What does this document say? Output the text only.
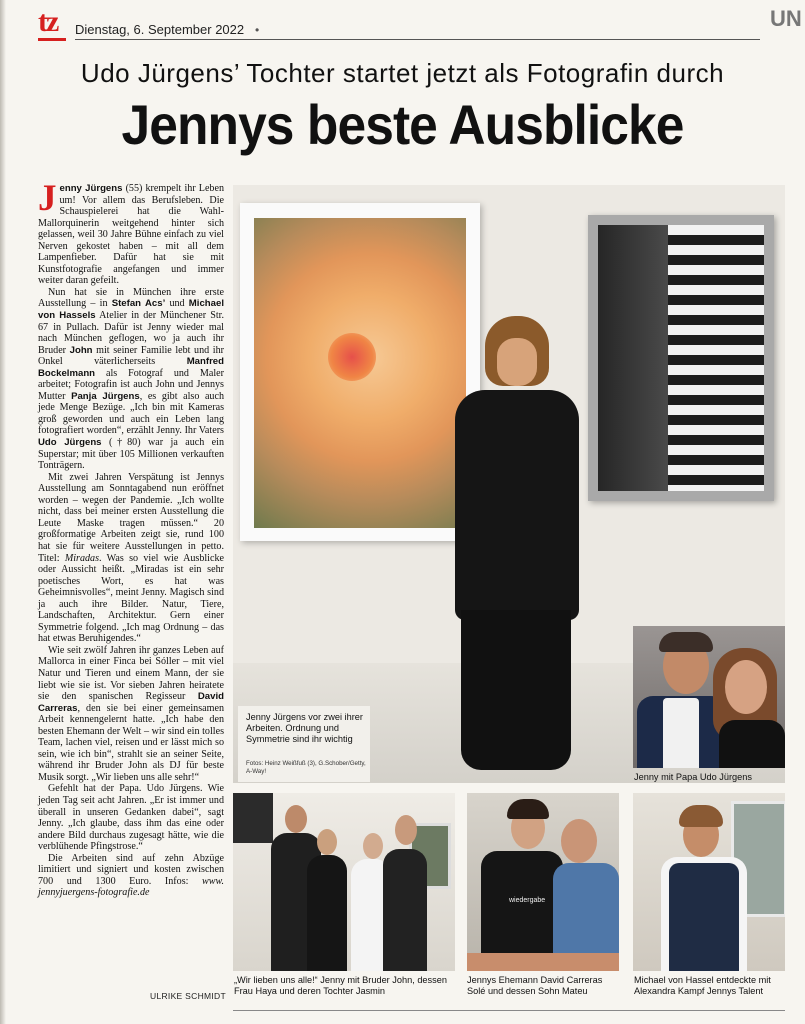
tz	Dienstag, 6. September 2022 •	UN
Udo Jürgens’ Tochter startet jetzt als Fotografin durch
Jennys beste Ausblicke

Jenny Jürgens (55) krempelt ihr Leben um! Vor allem das Berufsleben. Die Schauspielerei hat die Wahl-Mallorquinerin weitgehend hinter sich gelassen, weil 30 Jahre Bühne einfach zu viel Nerven gekostet haben – mit all dem Lampenfieber. Dafür hat sie mit Kunstfotografie angefangen und immer weiter daran gefeilt.

Nun hat sie in München ihre erste Ausstellung – in Stefan Acs’ und Michael von Hassels Atelier in der Münchener Str. 67 in Pullach. Dafür ist Jenny wieder mal nach München geflogen, wo ja auch ihr Bruder John mit seiner Familie lebt und ihr Onkel väterlicherseits Manfred Bockelmann als Fotograf und Maler arbeitet; Fotografin ist auch John und Jennys Mutter Panja Jürgens, es gibt also auch jede Menge Bezüge. „Ich bin mit Kameras groß geworden und auch ein Leben lang fotografiert worden“, erzählt Jenny. Ihr Vaters Udo Jürgens (†80) war ja auch ein Superstar; mit über 105 Millionen verkauften Tonträgern.

Mit zwei Jahren Verspätung ist Jennys Ausstellung am Sonntagabend nun eröffnet worden – wegen der Pandemie. „Ich wollte nicht, dass bei meiner ersten Ausstellung die Leute Maske tragen müssen.“ 20 großformatige Arbeiten zeigt sie, rund 100 hat sie für weitere Ausstellungen in petto. Titel: Miradas. Was so viel wie Ausblicke oder Aussicht heißt. „Miradas ist ein sehr poetisches Wort, es hat was Geheimnisvolles“, meint Jenny. Magisch sind ja auch ihre Bilder. Natur, Tiere, Landschaften, Architektur. Gern einer Symmetrie folgend. „Ich mag Ordnung – das hat etwas Beruhigendes.“

Wie seit zwölf Jahren ihr ganzes Leben auf Mallorca in einer Finca bei Sóller – mit viel Natur und Tieren und einem Mann, der sie liebt wie sie ist. Vor sieben Jahren heiratete sie den spanischen Regisseur David Carreras, den sie bei einer gemeinsamen Arbeit kennengelernt hatte. „Ich habe den besten Ehemann der Welt – wir sind ein tolles Team, lachen viel, reisen und er lässt mich so sein, wie ich bin“, strahlt sie an seiner Seite, während ihr Bruder John als DJ für beste Musik sorgt. „Wir lieben uns alle sehr!“

Gefehlt hat der Papa. Udo Jürgens. Wie jeden Tag seit acht Jahren. „Er ist immer und überall in unseren Gedanken dabei“, sagt Jenny. „Ich glaube, dass ihm das eine oder andere Bild durchaus zugesagt hätte, wie die verblühende Pfingstrose.“

Die Arbeiten sind auf zehn Abzüge limitiert und signiert und kosten zwischen 700 und 1300 Euro. Infos: www. jennyjuergens-fotografie.de

ULRIKE SCHMIDT
Jenny Jürgens vor zwei ihrer Arbeiten. Ordnung und Symmetrie sind ihr wichtig
Fotos: Heinz Weißfuß (3), G.Schober/Getty, A-Way!
Jenny mit Papa Udo Jürgens
„Wir lieben uns alle!“ Jenny mit Bruder John, dessen Frau Haya und deren Tochter Jasmin
wiedergabe
Jennys Ehemann David Carreras Solé und dessen Sohn Mateu
Michael von Hassel entdeckte mit Alexandra Kampf Jennys Talent
